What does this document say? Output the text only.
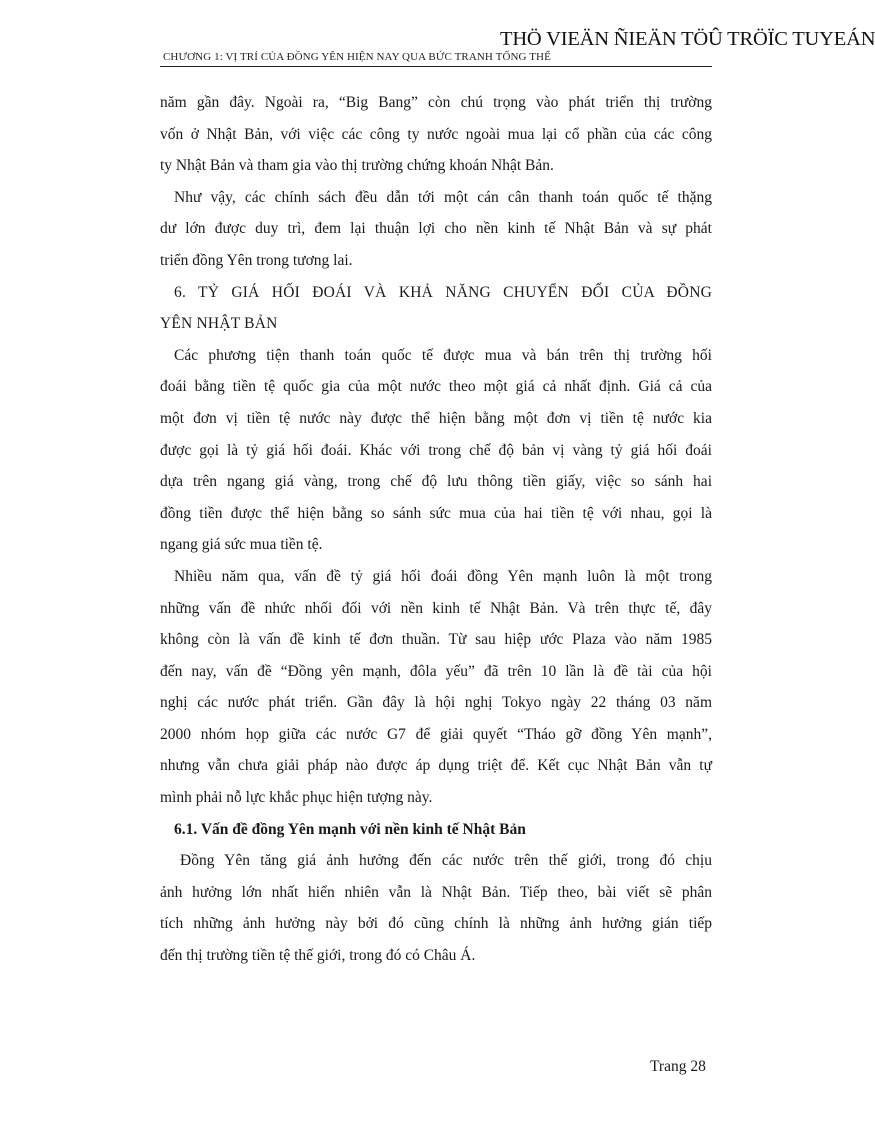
THÖ VIEÄN ÑIEÄN TÖÛ TRÖÏC TUYEÁN
CHƯƠNG 1: VỊ TRÍ CỦA ĐỒNG YÊN HIỆN NAY QUA BỨC TRANH TỔNG THỂ

năm gần đây. Ngoài ra, “Big Bang” còn chú trọng vào phát triển thị trường

vốn ở Nhật Bản, với việc các công ty nước ngoài mua lại cổ phần của các công

ty Nhật Bản và tham gia vào thị trường chứng khoán Nhật Bản.

Như vậy, các chính sách đều dẫn tới một cán cân thanh toán quốc tế thặng

dư lớn được duy trì, đem lại thuận lợi cho nền kinh tế Nhật Bản và sự phát

triển đồng Yên trong tương lai.

6. TỶ GIÁ HỐI ĐOÁI VÀ KHẢ NĂNG CHUYỂN ĐỔI CỦA ĐỒNG

YÊN NHẬT BẢN

Các phương tiện thanh toán quốc tế được mua và bán trên thị trường hối

đoái bằng tiền tệ quốc gia của một nước theo một giá cả nhất định. Giá cả của

một đơn vị tiền tệ nước này được thể hiện bằng một đơn vị tiền tệ nước kia

được gọi là tỷ giá hối đoái. Khác với trong chế độ bản vị vàng tỷ giá hối đoái

dựa trên ngang giá vàng, trong chế độ lưu thông tiền giấy, việc so sánh hai

đồng tiền được thể hiện bằng so sánh sức mua của hai tiền tệ với nhau, gọi là

ngang giá sức mua tiền tệ.

Nhiều năm qua, vấn đề tỷ giá hối đoái đồng Yên mạnh luôn là một trong

những vấn đề nhức nhối đối với nền kinh tế Nhật Bản. Và trên thực tế, đây

không còn là vấn đề kinh tế đơn thuần. Từ sau hiệp ước Plaza vào năm 1985

đến nay, vấn đề “Đồng yên mạnh, đôla yếu” đã trên 10 lần là đề tài của hội

nghị các nước phát triển. Gần đây là hội nghị Tokyo ngày 22 tháng 03 năm

2000 nhóm họp giữa các nước G7 để giải quyết “Tháo gỡ đồng Yên mạnh”,

nhưng vẫn chưa giải pháp nào được áp dụng triệt để. Kết cục Nhật Bản vẫn tự

mình phải nỗ lực khắc phục hiện tượng này.

6.1. Vấn đề đồng Yên mạnh với nền kinh tế Nhật Bản

Đồng Yên tăng giá ảnh hưởng đến các nước trên thế giới, trong đó chịu

ảnh hưởng lớn nhất hiển nhiên vẫn là Nhật Bản. Tiếp theo, bài viết sẽ phân

tích những ảnh hưởng này bởi đó cũng chính là những ảnh hưởng gián tiếp

đến thị trường tiền tệ thế giới, trong đó có Châu Á.

Trang 28
